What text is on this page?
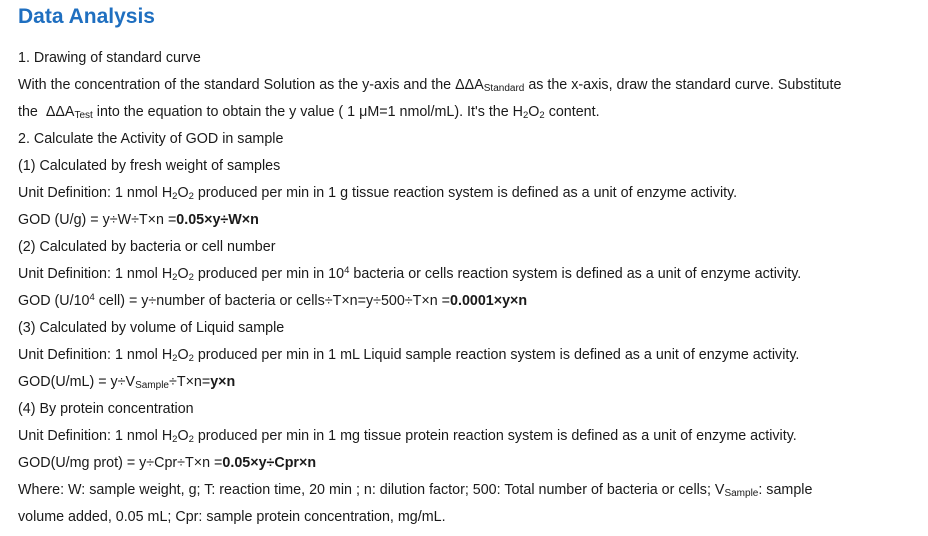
Data Analysis
1. Drawing of standard curve
With the concentration of the standard Solution as the y-axis and the ΔΔAStandard as the x-axis, draw the standard curve. Substitute
the  ΔΔATest into the equation to obtain the y value ( 1 μM=1 nmol/mL). It's the $H_2O_2$ content.
2. Calculate the Activity of GOD in sample
(1) Calculated by fresh weight of samples
Unit Definition: 1 nmol $H_2O_2$ produced per min in 1 g tissue reaction system is defined as a unit of enzyme activity.
GOD (U/g) = y÷W÷T×n =0.05×y÷W×n
(2) Calculated by bacteria or cell number
Unit Definition: 1 nmol $H_2O_2$ produced per min in $10^4$ bacteria or cells reaction system is defined as a unit of enzyme activity.
GOD ($U/10^4$ cell) = y÷number of bacteria or cells÷T×n=y÷500÷T×n =0.0001×y×n
(3) Calculated by volume of Liquid sample
Unit Definition: 1 nmol $H_2O_2$ produced per min in 1 mL Liquid sample reaction system is defined as a unit of enzyme activity.
GOD(U/mL) = y÷VSample÷T×n=y×n
(4) By protein concentration
Unit Definition: 1 nmol $H_2O_2$ produced per min in 1 mg tissue protein reaction system is defined as a unit of enzyme activity.
GOD(U/mg prot) = y÷Cpr÷T×n =0.05×y÷Cpr×n
Where: W: sample weight, g; T: reaction time, 20 min ; n: dilution factor; 500: Total number of bacteria or cells; VSample: sample
volume added, 0.05 mL; Cpr: sample protein concentration, mg/mL.
